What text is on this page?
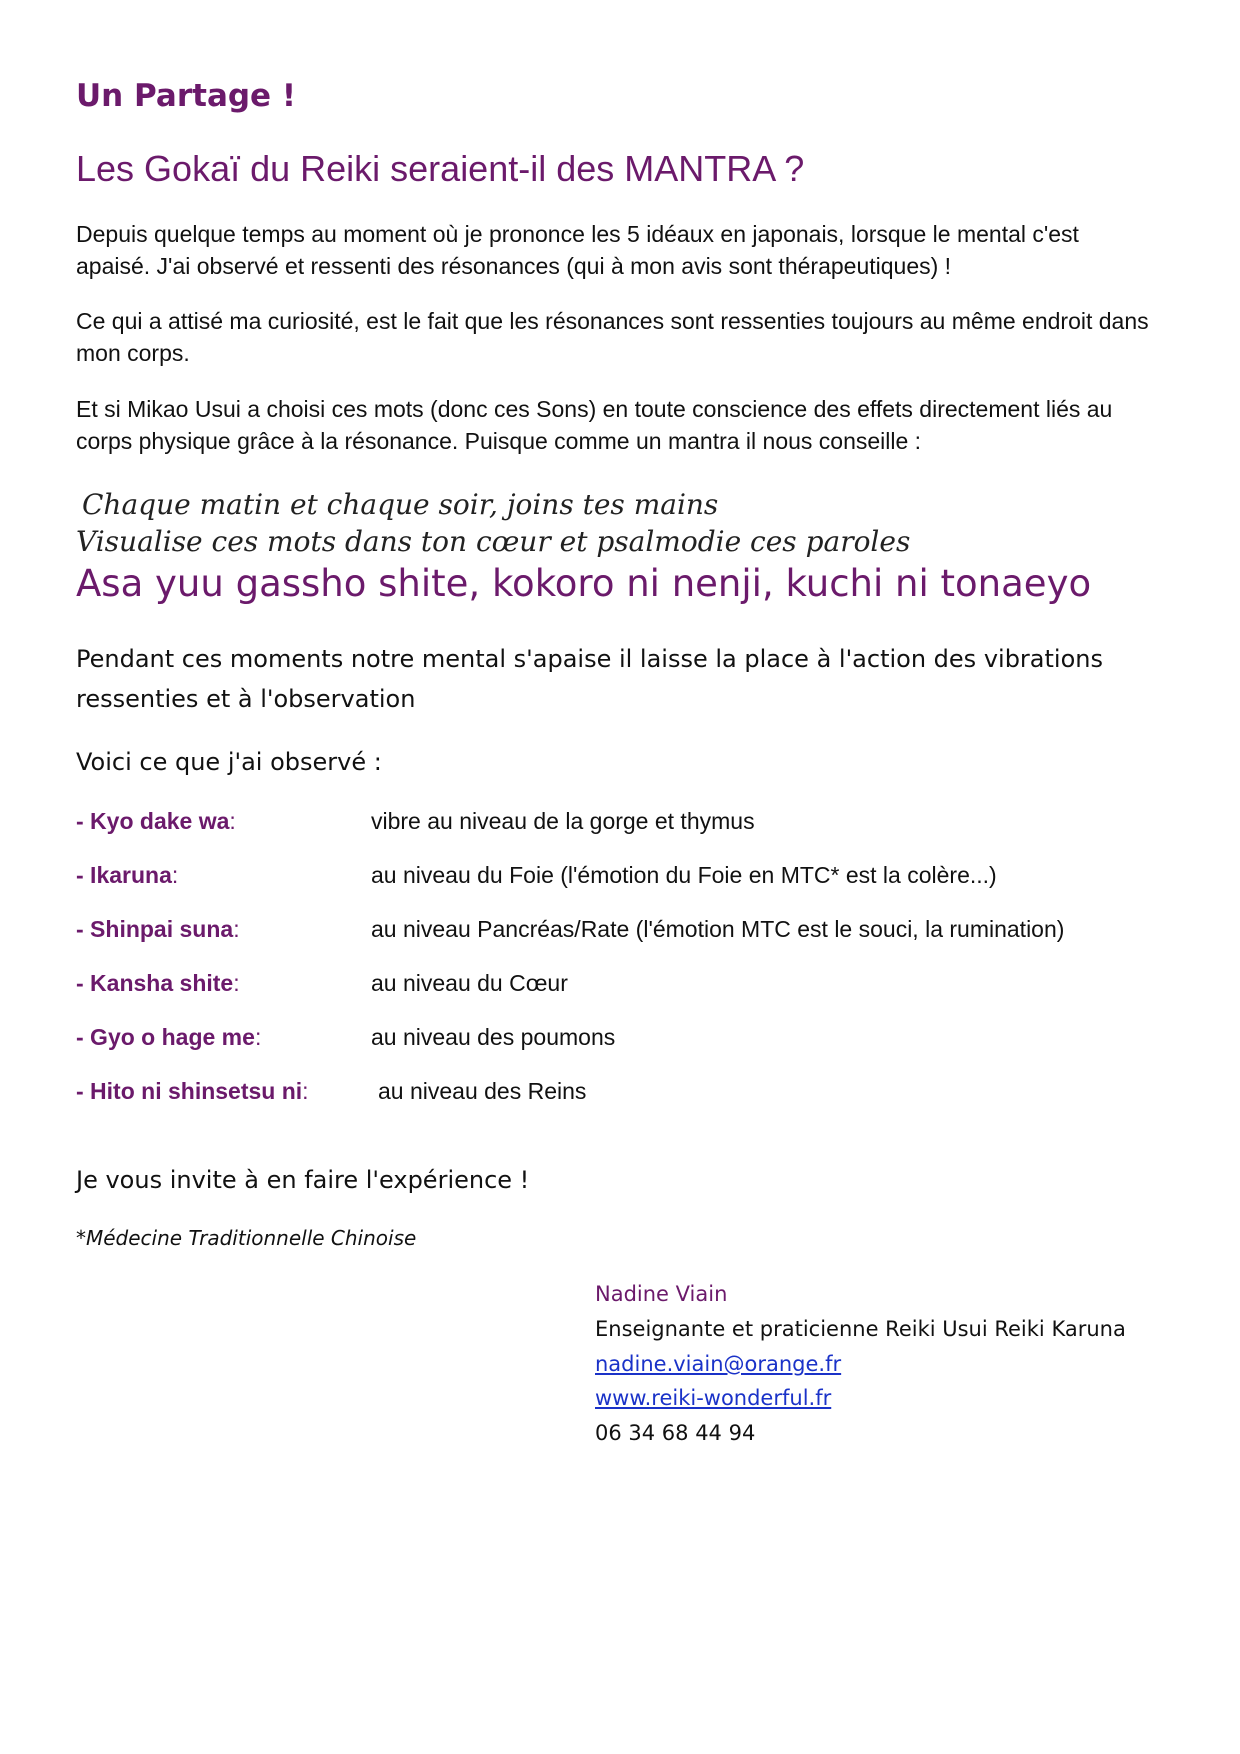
Un Partage !
Les Gokaï du Reiki seraient-il des MANTRA ?
Depuis quelque temps au moment où je prononce les 5 idéaux en japonais, lorsque le mental c'est apaisé. J'ai observé et ressenti des résonances (qui à mon avis sont thérapeutiques) !
Ce qui a attisé ma curiosité, est le fait que les résonances sont ressenties toujours au même endroit dans mon corps.
Et si Mikao Usui a choisi ces mots (donc ces Sons) en toute conscience des effets directement liés au corps physique grâce à la résonance. Puisque comme un mantra il nous conseille :
Chaque matin et chaque soir, joins tes mains
Visualise ces mots dans ton cœur et psalmodie ces paroles
Asa yuu gassho shite, kokoro ni nenji, kuchi ni tonaeyo
Pendant ces moments notre mental s'apaise il laisse la place à l'action des vibrations
ressenties et à l'observation
Voici ce que j'ai observé :
- Kyo dake wa:	vibre au niveau de la gorge et thymus
- Ikaruna:	au niveau du Foie (l'émotion du Foie en MTC* est la colère...)
- Shinpai suna:	au niveau Pancréas/Rate (l'émotion MTC est le souci, la rumination)
- Kansha shite:	au niveau du Cœur
- Gyo o hage me:	au niveau des poumons
- Hito ni shinsetsu ni:	au niveau des Reins
Je vous invite à en faire l'expérience !
*Médecine Traditionnelle Chinoise
Nadine Viain
Enseignante et praticienne Reiki Usui Reiki Karuna
nadine.viain@orange.fr
www.reiki-wonderful.fr
06 34 68 44 94
